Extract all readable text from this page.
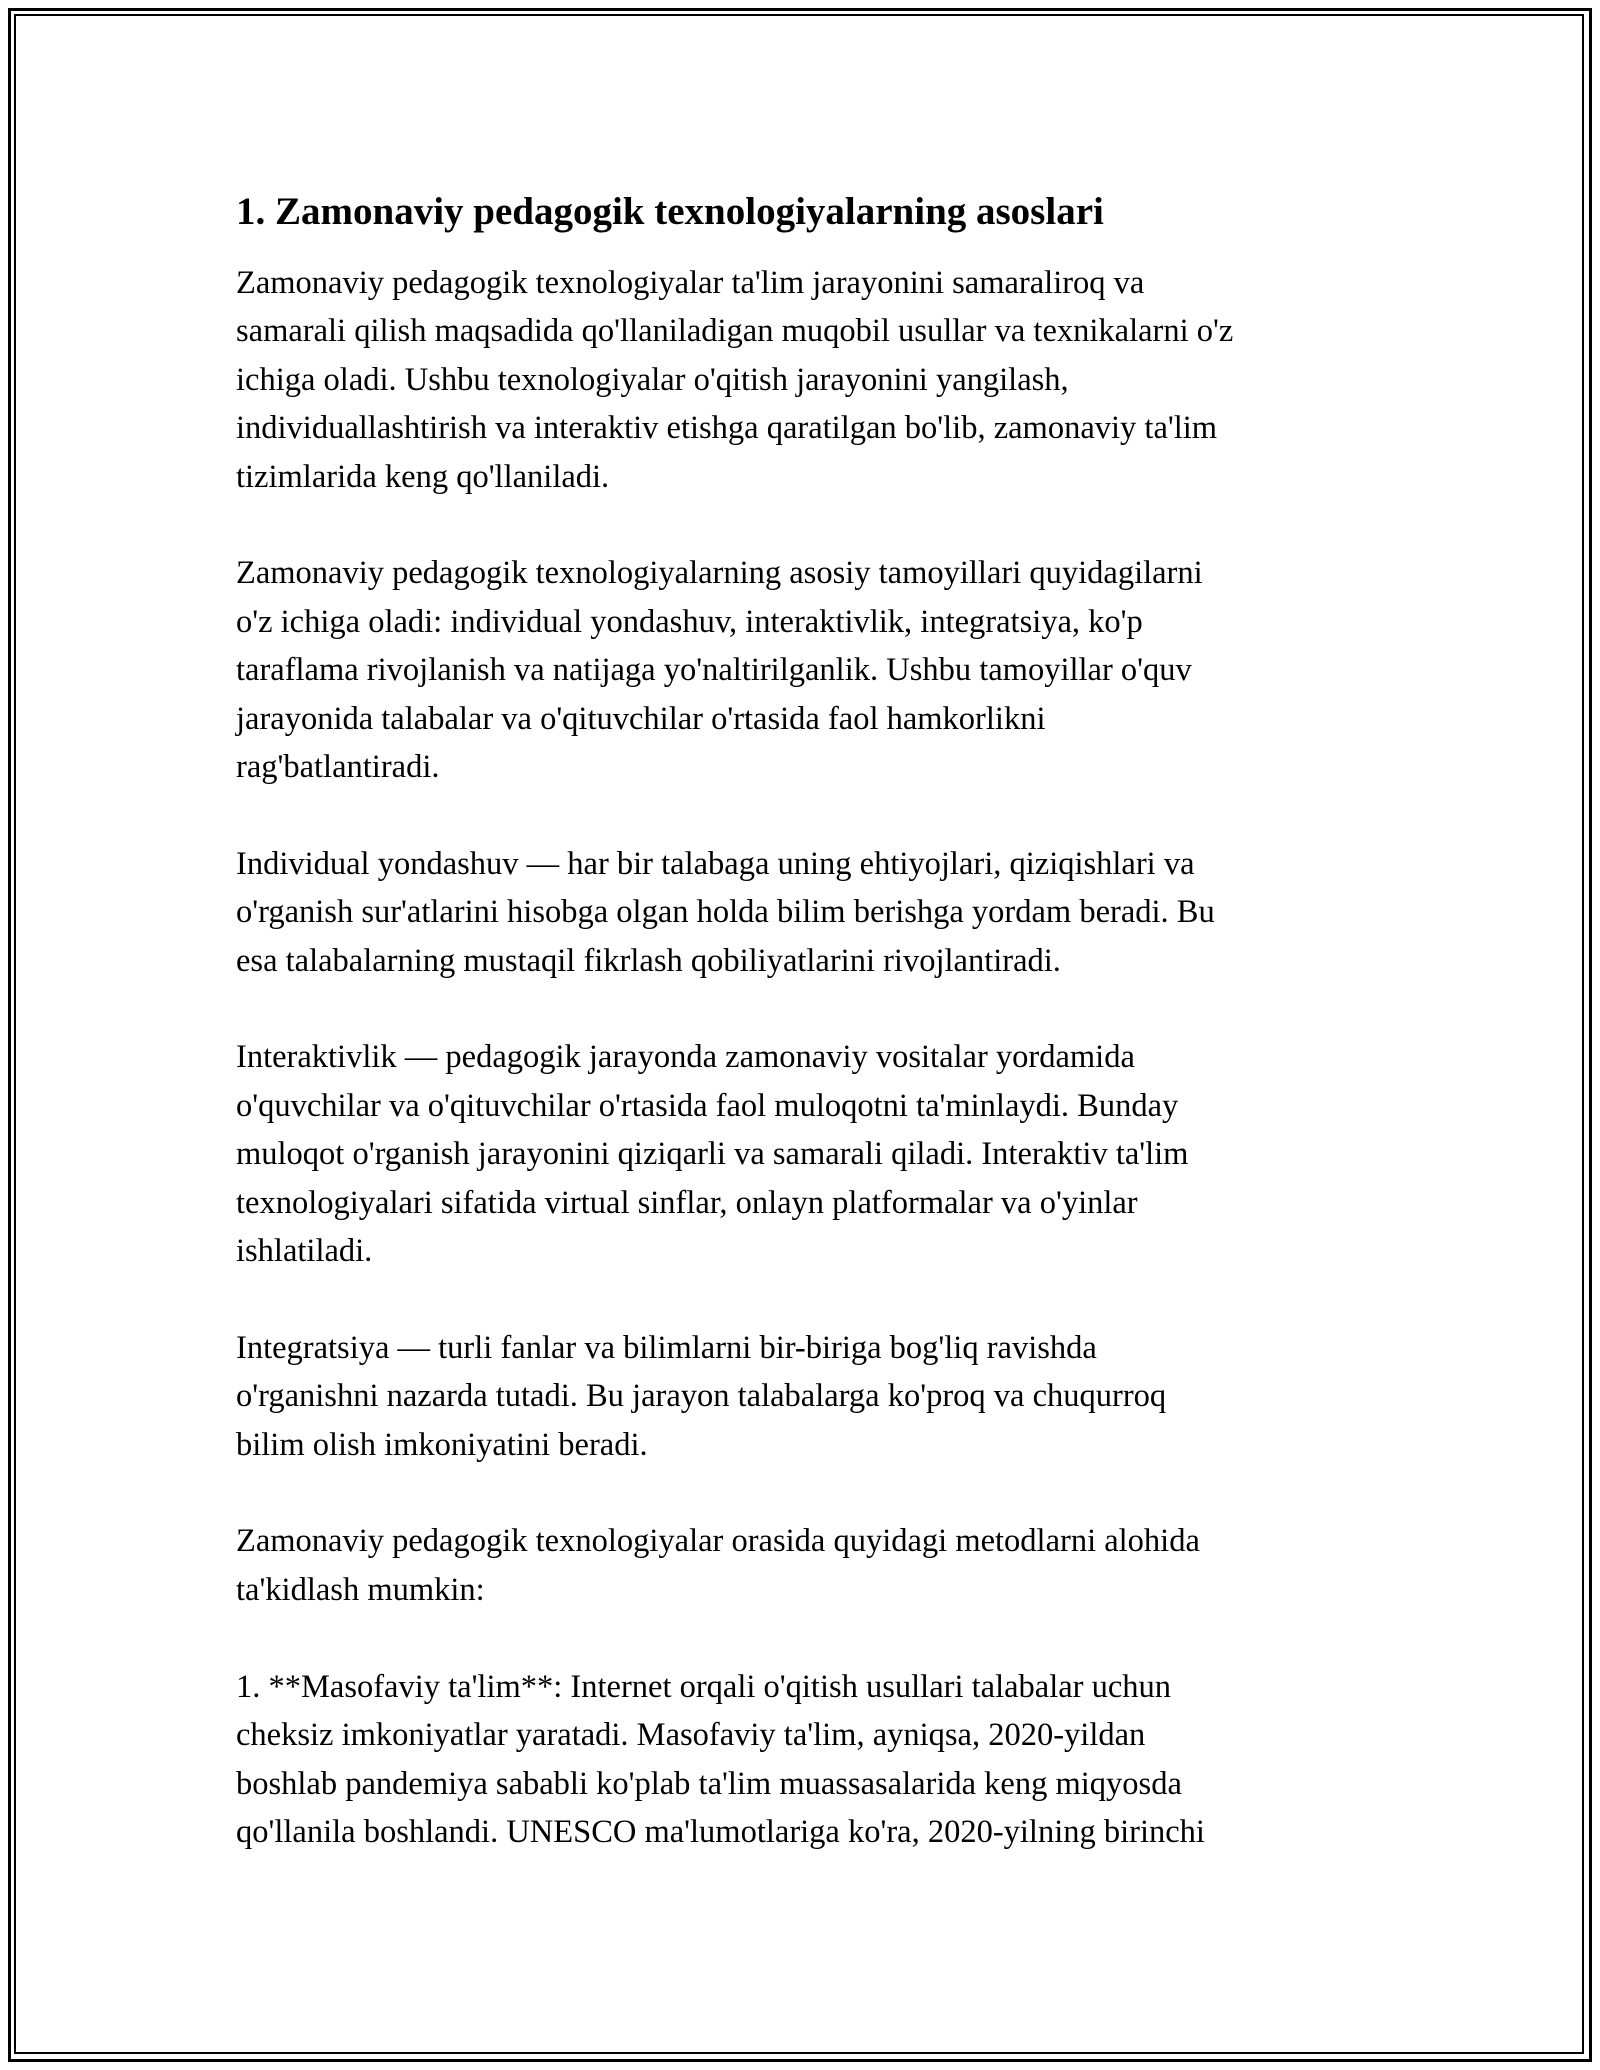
1. Zamonaviy pedagogik texnologiyalarning asoslari

Zamonaviy pedagogik texnologiyalar ta'lim jarayonini samaraliroq va
samarali qilish maqsadida qo'llaniladigan muqobil usullar va texnikalarni o'z
ichiga oladi. Ushbu texnologiyalar o'qitish jarayonini yangilash,
individuallashtirish va interaktiv etishga qaratilgan bo'lib, zamonaviy ta'lim
tizimlarida keng qo'llaniladi.

Zamonaviy pedagogik texnologiyalarning asosiy tamoyillari quyidagilarni
o'z ichiga oladi: individual yondashuv, interaktivlik, integratsiya, ko'p
taraflama rivojlanish va natijaga yo'naltirilganlik. Ushbu tamoyillar o'quv
jarayonida talabalar va o'qituvchilar o'rtasida faol hamkorlikni
rag'batlantiradi.

Individual yondashuv — har bir talabaga uning ehtiyojlari, qiziqishlari va
o'rganish sur'atlarini hisobga olgan holda bilim berishga yordam beradi. Bu
esa talabalarning mustaqil fikrlash qobiliyatlarini rivojlantiradi.

Interaktivlik — pedagogik jarayonda zamonaviy vositalar yordamida
o'quvchilar va o'qituvchilar o'rtasida faol muloqotni ta'minlaydi. Bunday
muloqot o'rganish jarayonini qiziqarli va samarali qiladi. Interaktiv ta'lim
texnologiyalari sifatida virtual sinflar, onlayn platformalar va o'yinlar
ishlatiladi.

Integratsiya — turli fanlar va bilimlarni bir-biriga bog'liq ravishda
o'rganishni nazarda tutadi. Bu jarayon talabalarga ko'proq va chuqurroq
bilim olish imkoniyatini beradi.

Zamonaviy pedagogik texnologiyalar orasida quyidagi metodlarni alohida
ta'kidlash mumkin:

1. **Masofaviy ta'lim**: Internet orqali o'qitish usullari talabalar uchun
cheksiz imkoniyatlar yaratadi. Masofaviy ta'lim, ayniqsa, 2020-yildan
boshlab pandemiya sababli ko'plab ta'lim muassasalarida keng miqyosda
qo'llanila boshlandi. UNESCO ma'lumotlariga ko'ra, 2020-yilning birinchi
